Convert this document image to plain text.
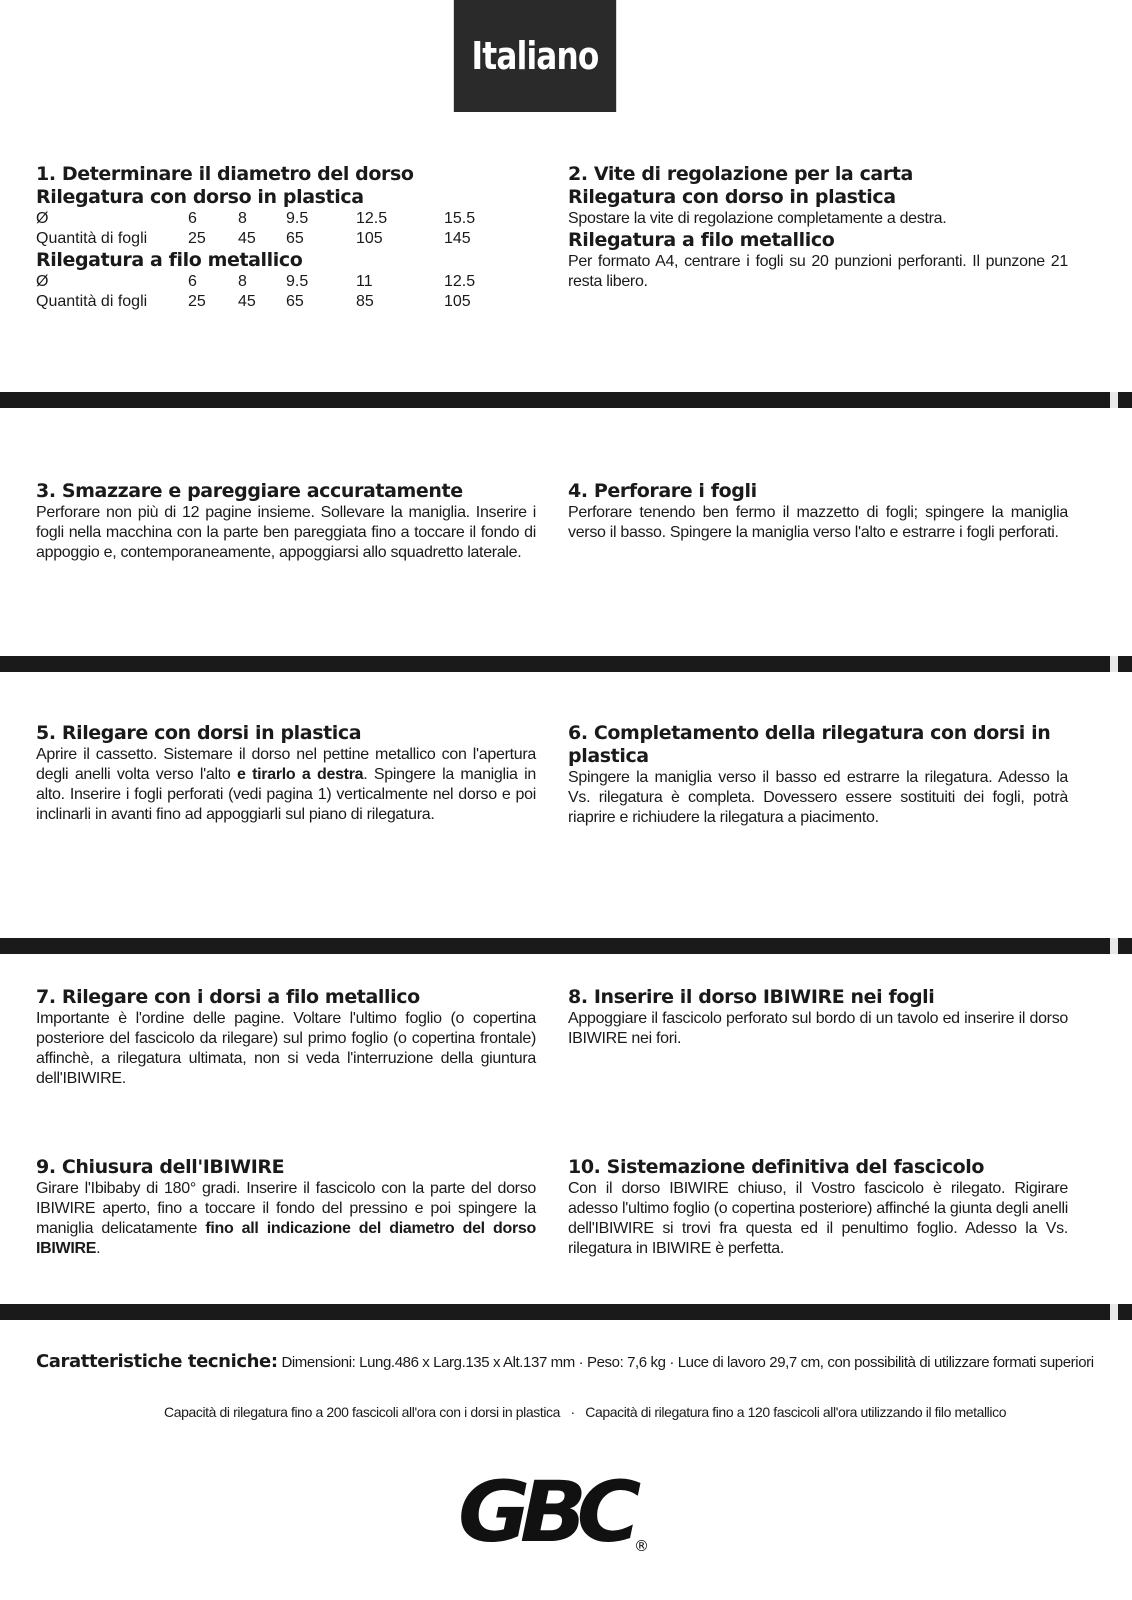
Italiano
1. Determinare il diametro del dorso
Rilegatura con dorso in plastica
Ø	6	8	9.5	12.5	15.5
Quantità di fogli	25	45	65	105	145
Rilegatura a filo metallico
Ø	6	8	9.5	11	12.5
Quantità di fogli	25	45	65	85	105
2. Vite di regolazione per la carta
Rilegatura con dorso in plastica

Spostare la vite di regolazione completamente a destra.

Rilegatura a filo metallico

Per formato A4, centrare i fogli su 20 punzioni perforanti. Il punzone 21 resta libero.

3. Smazzare e pareggiare accuratamente

Perforare non più di 12 pagine insieme. Sollevare la maniglia. Inserire i fogli nella macchina con la parte ben pareggiata fino a toccare il fondo di appoggio e, contemporaneamente, appoggiarsi allo squadretto laterale.

4. Perforare i fogli

Perforare tenendo ben fermo il mazzetto di fogli; spingere la maniglia verso il basso. Spingere la maniglia verso l'alto e estrarre i fogli perforati.

5. Rilegare con dorsi in plastica

Aprire il cassetto. Sistemare il dorso nel pettine metallico con l'apertura degli anelli volta verso l'alto e tirarlo a destra. Spingere la maniglia in alto. Inserire i fogli perforati (vedi pagina 1) verticalmente nel dorso e poi inclinarli in avanti fino ad appoggiarli sul piano di rilegatura.

6. Completamento della rilegatura con dorsi in plastica

Spingere la maniglia verso il basso ed estrarre la rilegatura. Adesso la Vs. rilegatura è completa. Dovessero essere sostituiti dei fogli, potrà riaprire e richiudere la rilegatura a piacimento.

7. Rilegare con i dorsi a filo metallico

Importante è l'ordine delle pagine. Voltare l'ultimo foglio (o copertina posteriore del fascicolo da rilegare) sul primo foglio (o copertina frontale) affinchè, a rilegatura ultimata, non si veda l'interruzione della giuntura dell'IBIWIRE.

8. Inserire il dorso IBIWIRE nei fogli

Appoggiare il fascicolo perforato sul bordo di un tavolo ed inserire il dorso IBIWIRE nei fori.

9. Chiusura dell'IBIWIRE

Girare l'Ibibaby di 180° gradi. Inserire il fascicolo con la parte del dorso IBIWIRE aperto, fino a toccare il fondo del pressino e poi spingere la maniglia delicatamente fino all indicazione del diametro del dorso IBIWIRE.

10. Sistemazione definitiva del fascicolo

Con il dorso IBIWIRE chiuso, il Vostro fascicolo è rilegato. Rigirare adesso l'ultimo foglio (o copertina posteriore) affinché la giunta degli anelli dell'IBIWIRE si trovi fra questa ed il penultimo foglio. Adesso la Vs. rilegatura in IBIWIRE è perfetta.

Caratteristiche tecniche: Dimensioni: Lung.486 x Larg.135 x Alt.137 mm · Peso: 7,6 kg · Luce di lavoro 29,7 cm, con possibilità di utilizzare formati superiori
Capacità di rilegatura fino a 200 fascicoli all'ora con i dorsi in plastica · Capacità di rilegatura fino a 120 fascicoli all'ora utilizzando il filo metallico
GBC ®
